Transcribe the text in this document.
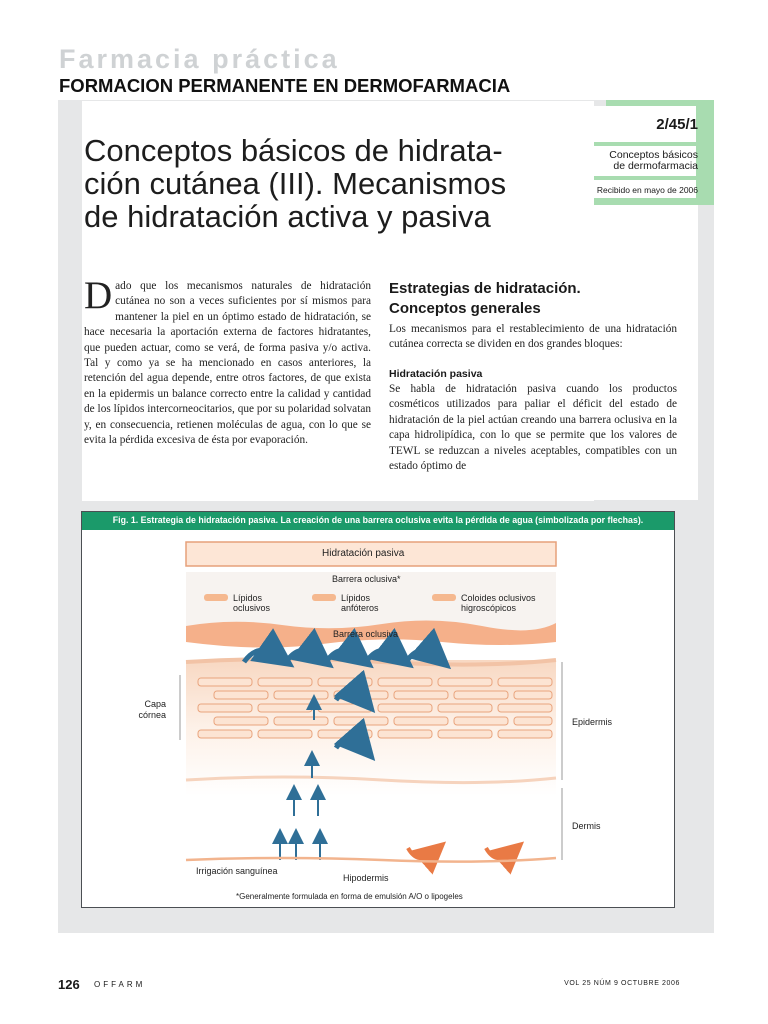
Farmacia práctica
FORMACION PERMANENTE EN DERMOFARMACIA
2/45/1
Conceptos básicos
de dermofarmacia
Recibido en mayo de 2006
Conceptos básicos de hidrata-
ción cutánea (III). Mecanismos
de hidratación activa y pasiva
Dado que los mecanismos naturales de hidratación cutánea no son a veces suficientes por sí mismos para mantener la piel en un óptimo estado de hidratación, se hace necesaria la aportación externa de factores hidratantes, que pueden actuar, como se verá, de forma pasiva y/o activa. Tal y como ya se ha mencionado en casos anteriores, la retención del agua depende, entre otros factores, de que exista en la epidermis un balance correcto entre la calidad y cantidad de los lípidos intercorneocitarios, que por su polaridad solvatan y, en consecuencia, retienen moléculas de agua, con lo que se evita la pérdida excesiva de ésta por evaporación.
Estrategias de hidratación.
Conceptos generales
Los mecanismos para el restablecimiento de una hidratación cutánea correcta se dividen en dos grandes bloques:
Hidratación pasiva
Se habla de hidratación pasiva cuando los productos cosméticos utilizados para paliar el déficit del estado de hidratación de la piel actúan creando una barrera oclusiva en la capa hidrolipídica, con lo que se permite que los valores de TEWL se reduzcan a niveles aceptables, compatibles con un estado óptimo de
Fig. 1. Estrategia de hidratación pasiva. La creación de una barrera oclusiva evita la pérdida de agua (simbolizada por flechas).
Hidratación pasiva
Barrera oclusiva*
Lípidos
oclusivos
Lípidos
anfóteros
Coloides oclusivos
higroscópicos
Barrera oclusiva
Capa
córnea
Epidermis
Dermis
Irrigación sanguínea
Hipodermis
*Generalmente formulada en forma de emulsión A/O o lipogeles
126 OFFARM	VOL 25 NÚM 9 OCTUBRE 2006
